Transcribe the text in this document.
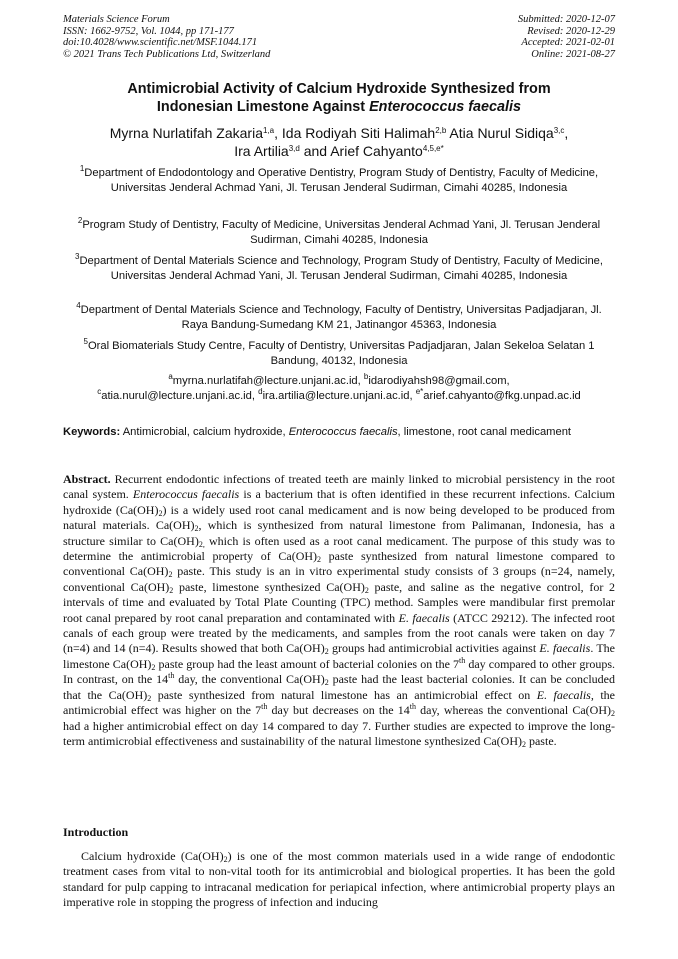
Materials Science Forum
ISSN: 1662-9752, Vol. 1044, pp 171-177
doi:10.4028/www.scientific.net/MSF.1044.171
© 2021 Trans Tech Publications Ltd, Switzerland
Submitted: 2020-12-07
Revised: 2020-12-29
Accepted: 2021-02-01
Online: 2021-08-27
Antimicrobial Activity of Calcium Hydroxide Synthesized from
Indonesian Limestone Against Enterococcus faecalis
Myrna Nurlatifah Zakaria$^{1,a}$, Ida Rodiyah Siti Halimah$^{2,b}$ Atia Nurul Sidiqa$^{3,c}$,
Ira Artilia$^{3,d}$ and Arief Cahyanto$^{4,5,e*}$
$^1$Department of Endodontology and Operative Dentistry, Program Study of Dentistry, Faculty of Medicine, Universitas Jenderal Achmad Yani, Jl. Terusan Jenderal Sudirman, Cimahi 40285, Indonesia
$^2$Program Study of Dentistry, Faculty of Medicine, Universitas Jenderal Achmad Yani, Jl. Terusan Jenderal Sudirman, Cimahi 40285, Indonesia
$^3$Department of Dental Materials Science and Technology, Program Study of Dentistry, Faculty of Medicine, Universitas Jenderal Achmad Yani, Jl. Terusan Jenderal Sudirman, Cimahi 40285, Indonesia
$^4$Department of Dental Materials Science and Technology, Faculty of Dentistry, Universitas Padjadjaran, Jl. Raya Bandung-Sumedang KM 21, Jatinangor 45363, Indonesia
$^5$Oral Biomaterials Study Centre, Faculty of Dentistry, Universitas Padjadjaran, Jalan Sekeloa Selatan 1 Bandung, 40132, Indonesia
$^a$myrna.nurlatifah@lecture.unjani.ac.id, $^b$idarodiyahsh98@gmail.com,
$^c$atia.nurul@lecture.unjani.ac.id, $^d$ira.artilia@lecture.unjani.ac.id, $^{e*}$arief.cahyanto@fkg.unpad.ac.id
Keywords: Antimicrobial, calcium hydroxide, Enterococcus faecalis, limestone, root canal medicament
Abstract. Recurrent endodontic infections of treated teeth are mainly linked to microbial persistency in the root canal system. Enterococcus faecalis is a bacterium that is often identified in these recurrent infections. Calcium hydroxide $(Ca(OH)_2)$ is a widely used root canal medicament and is now being developed to be produced from natural materials. $Ca(OH)_2$, which is synthesized from natural limestone from Palimanan, Indonesia, has a structure similar to $Ca(OH)_{2,}$ which is often used as a root canal medicament. The purpose of this study was to determine the antimicrobial property of $Ca(OH)_2$ paste synthesized from natural limestone compared to conventional $Ca(OH)_2$ paste. This study is an in vitro experimental study consists of 3 groups (n=24, namely, conventional $Ca(OH)_2$ paste, limestone synthesized $Ca(OH)_2$ paste, and saline as the negative control, for 2 intervals of time and evaluated by Total Plate Counting (TPC) method. Samples were mandibular first premolar root canal prepared by root canal preparation and contaminated with E. faecalis (ATCC 29212). The infected root canals of each group were treated by the medicaments, and samples from the root canals were taken on day 7 (n=4) and 14 (n=4). Results showed that both $Ca(OH)_2$ groups had antimicrobial activities against E. faecalis. The limestone $Ca(OH)_2$ paste group had the least amount of bacterial colonies on the 7th day compared to other groups. In contrast, on the 14th day, the conventional $Ca(OH)_2$ paste had the least bacterial colonies. It can be concluded that the $Ca(OH)_2$ paste synthesized from natural limestone has an antimicrobial effect on E. faecalis, the antimicrobial effect was higher on the 7th day but decreases on the 14th day, whereas the conventional $Ca(OH)_2$ had a higher antimicrobial effect on day 14 compared to day 7. Further studies are expected to improve the long-term antimicrobial effectiveness and sustainability of the natural limestone synthesized $Ca(OH)_2$ paste.
Introduction
Calcium hydroxide $(Ca(OH)_2)$ is one of the most common materials used in a wide range of endodontic treatment cases from vital to non-vital tooth for its antimicrobial and biological properties. It has been the gold standard for pulp capping to intracanal medication for periapical infection, where antimicrobial property plays an imperative role in stopping the progress of infection and inducing
